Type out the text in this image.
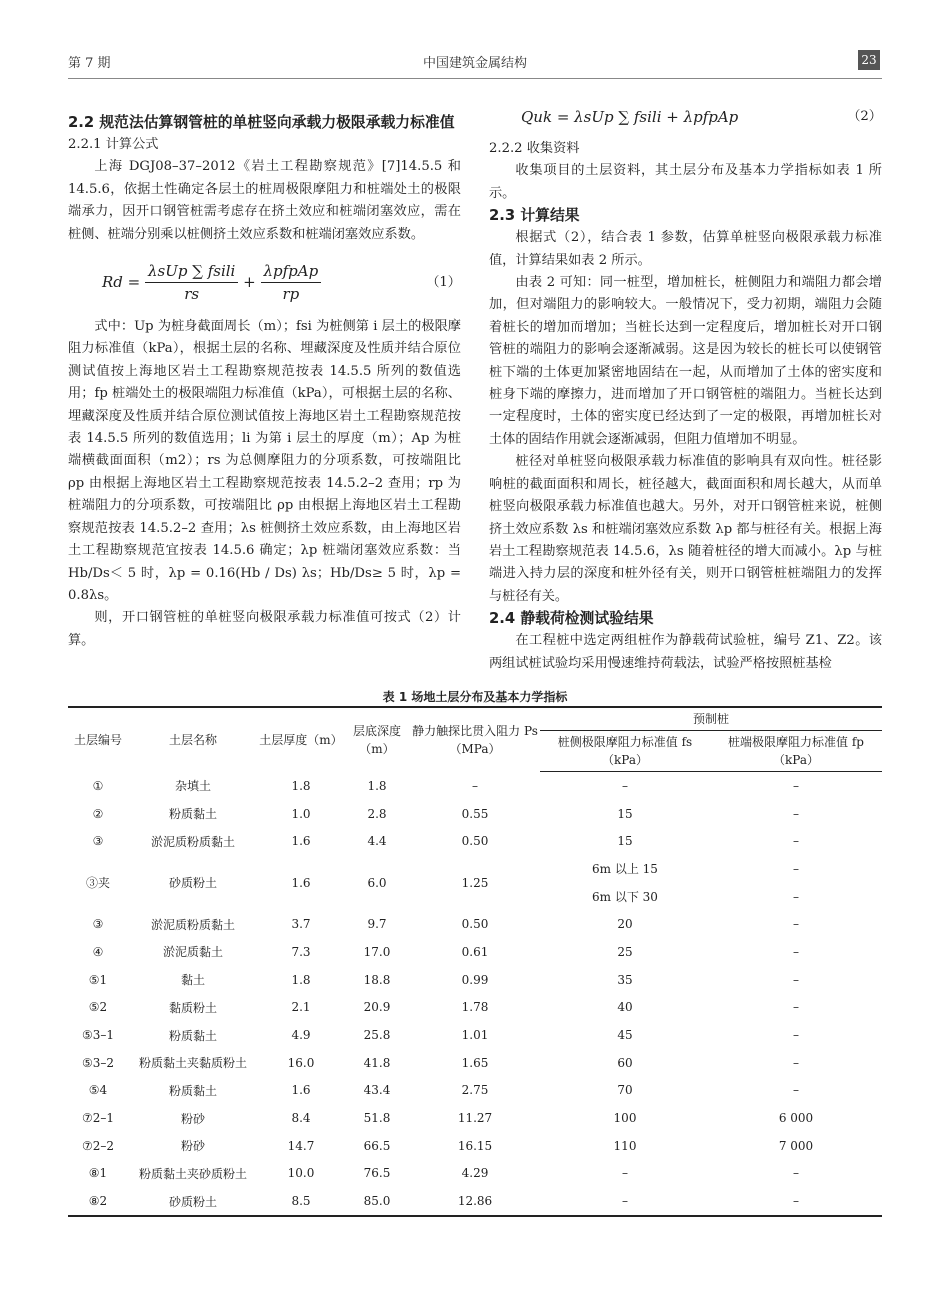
第 7 期	中国建筑金属结构	23

2.2 规范法估算钢管桩的单桩竖向承载力极限承载力标准值

2.2.1 计算公式

上海 DGJ08–37–2012《岩土工程勘察规范》[7]14.5.5 和 14.5.6，依据土性确定各层土的桩周极限摩阻力和桩端处土的极限端承力，因开口钢管桩需考虑存在挤土效应和桩端闭塞效应，需在桩侧、桩端分别乘以桩侧挤土效应系数和桩端闭塞效应系数。

$Rd = \frac{\text{λsUp ∑ fsili}}{rs} + \frac{\text{λpfpAp}}{rp}$	（1）

式中：Up 为桩身截面周长（m）；fsi 为桩侧第 i 层土的极限摩阻力标准值（kPa），根据土层的名称、埋藏深度及性质并结合原位测试值按上海地区岩土工程勘察规范按表 14.5.5 所列的数值选用；fp 桩端处土的极限端阻力标准值（kPa），可根据土层的名称、埋藏深度及性质并结合原位测试值按上海地区岩土工程勘察规范按表 14.5.5 所列的数值选用；li 为第 i 层土的厚度（m）；Ap 为桩端横截面面积（m2）；rs 为总侧摩阻力的分项系数，可按端阻比 ρp 由根据上海地区岩土工程勘察规范按表 14.5.2–2 查用；rp 为桩端阻力的分项系数，可按端阻比 ρp 由根据上海地区岩土工程勘察规范按表 14.5.2–2 查用；λs 桩侧挤土效应系数，由上海地区岩土工程勘察规范宜按表 14.5.6 确定；λp 桩端闭塞效应系数：当 Hb/Ds＜ 5 时，λp = 0.16(Hb / Ds) λs；Hb/Ds≥ 5 时，λp = 0.8λs。

则，开口钢管桩的单桩竖向极限承载力标准值可按式（2）计算。

Quk = λsUp ∑ fsili + λpfpAp	（2）

2.2.2 收集资料

收集项目的土层资料，其土层分布及基本力学指标如表 1 所示。

2.3 计算结果

根据式（2），结合表 1 参数，估算单桩竖向极限承载力标准值，计算结果如表 2 所示。

由表 2 可知：同一桩型，增加桩长，桩侧阻力和端阻力都会增加，但对端阻力的影响较大。一般情况下，受力初期，端阻力会随着桩长的增加而增加；当桩长达到一定程度后，增加桩长对开口钢管桩的端阻力的影响会逐渐减弱。这是因为较长的桩长可以使钢管桩下端的土体更加紧密地固结在一起，从而增加了土体的密实度和桩身下端的摩擦力，进而增加了开口钢管桩的端阻力。当桩长达到一定程度时，土体的密实度已经达到了一定的极限，再增加桩长对土体的固结作用就会逐渐减弱，但阻力值增加不明显。

桩径对单桩竖向极限承载力标准值的影响具有双向性。桩径影响桩的截面面积和周长，桩径越大，截面面积和周长越大，从而单桩竖向极限承载力标准值也越大。另外，对开口钢管桩来说，桩侧挤土效应系数 λs 和桩端闭塞效应系数 λp 都与桩径有关。根据上海岩土工程勘察规范表 14.5.6，λs 随着桩径的增大而减小。λp 与桩端进入持力层的深度和桩外径有关，则开口钢管桩桩端阻力的发挥与桩径有关。

2.4 静载荷检测试验结果

在工程桩中选定两组桩作为静载荷试验桩，编号 Z1、Z2。该两组试桩试验均采用慢速维持荷载法，试验严格按照桩基检

表 1 场地土层分布及基本力学指标
土层编号	土层名称	土层厚度（m）	层底深度（m）	静力触探比贯入阻力 Ps（MPa）	预制桩	
					桩侧极限摩阻力标准值 fs（kPa）	桩端极限摩阻力标准值 fp（kPa）
①	杂填土	1.8	1.8	–	–	–
②	粉质黏土	1.0	2.8	0.55	15	–
③	淤泥质粉质黏土	1.6	4.4	0.50	15	–
③夹	砂质粉土	1.6	6.0	1.25	6m 以上 15	–
					6m 以下 30	–
③	淤泥质粉质黏土	3.7	9.7	0.50	20	–
④	淤泥质黏土	7.3	17.0	0.61	25	–
⑤1	黏土	1.8	18.8	0.99	35	–
⑤2	黏质粉土	2.1	20.9	1.78	40	–
⑤3–1	粉质黏土	4.9	25.8	1.01	45	–
⑤3–2	粉质黏土夹黏质粉土	16.0	41.8	1.65	60	–
⑤4	粉质黏土	1.6	43.4	2.75	70	–
⑦2–1	粉砂	8.4	51.8	11.27	100	6 000
⑦2–2	粉砂	14.7	66.5	16.15	110	7 000
⑧1	粉质黏土夹砂质粉土	10.0	76.5	4.29	–	–
⑧2	砂质粉土	8.5	85.0	12.86	–	–
